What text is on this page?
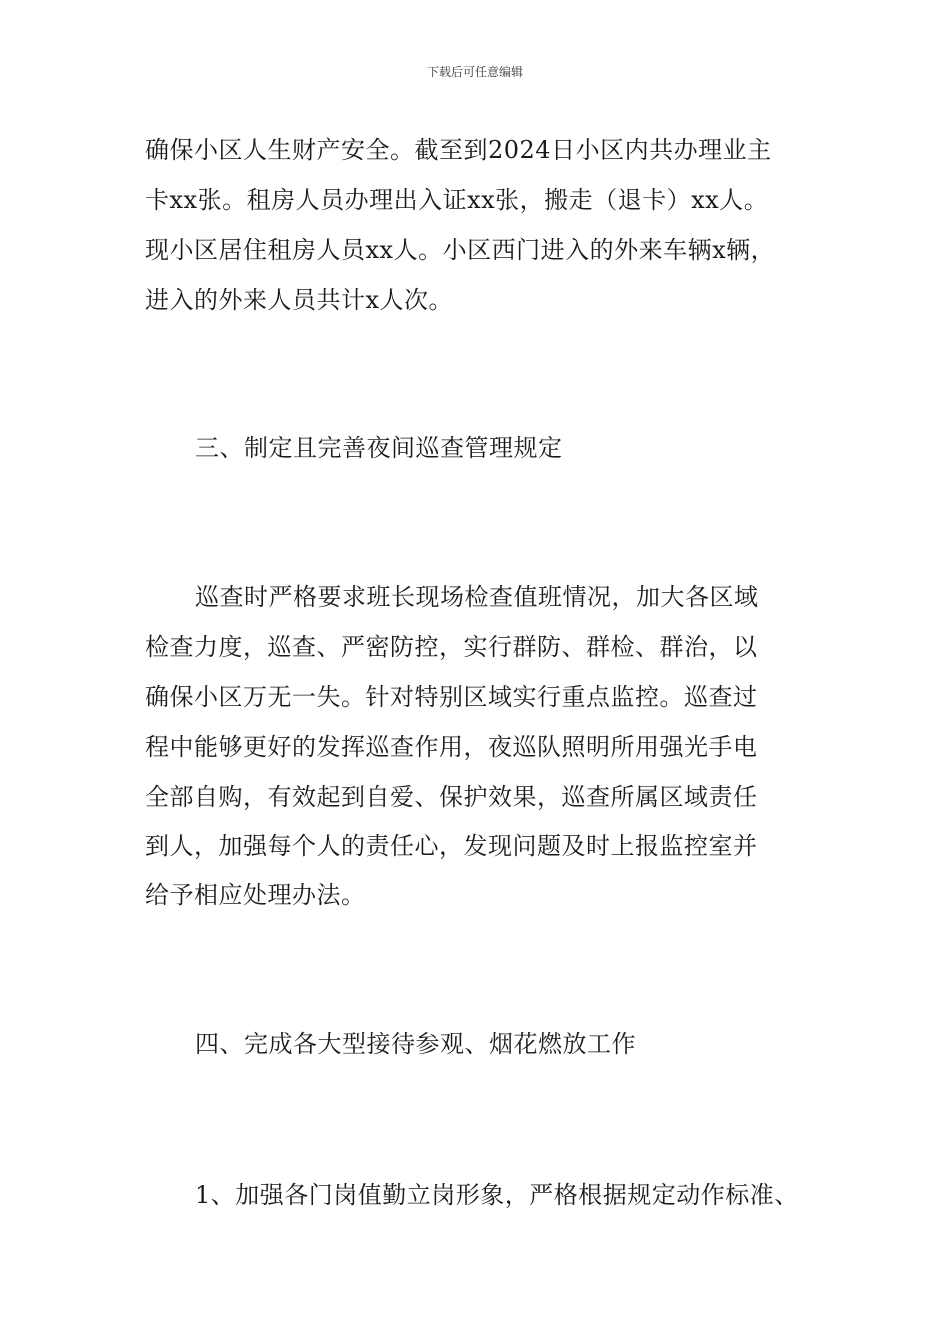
下载后可任意编辑
确保小区人生财产安全。截至到2024日小区内共办理业主
卡xx张。租房人员办理出入证xx张，搬走（退卡）xx人。
现小区居住租房人员xx人。小区西门进入的外来车辆x辆，
进入的外来人员共计x人次。
三、制定且完善夜间巡查管理规定
巡查时严格要求班长现场检查值班情况，加大各区域
检查力度，巡查、严密防控，实行群防、群检、群治，以
确保小区万无一失。针对特别区域实行重点监控。巡查过
程中能够更好的发挥巡查作用，夜巡队照明所用强光手电
全部自购，有效起到自爱、保护效果，巡查所属区域责任
到人，加强每个人的责任心，发现问题及时上报监控室并
给予相应处理办法。
四、完成各大型接待参观、烟花燃放工作
1、加强各门岗值勤立岗形象，严格根据规定动作标准、
